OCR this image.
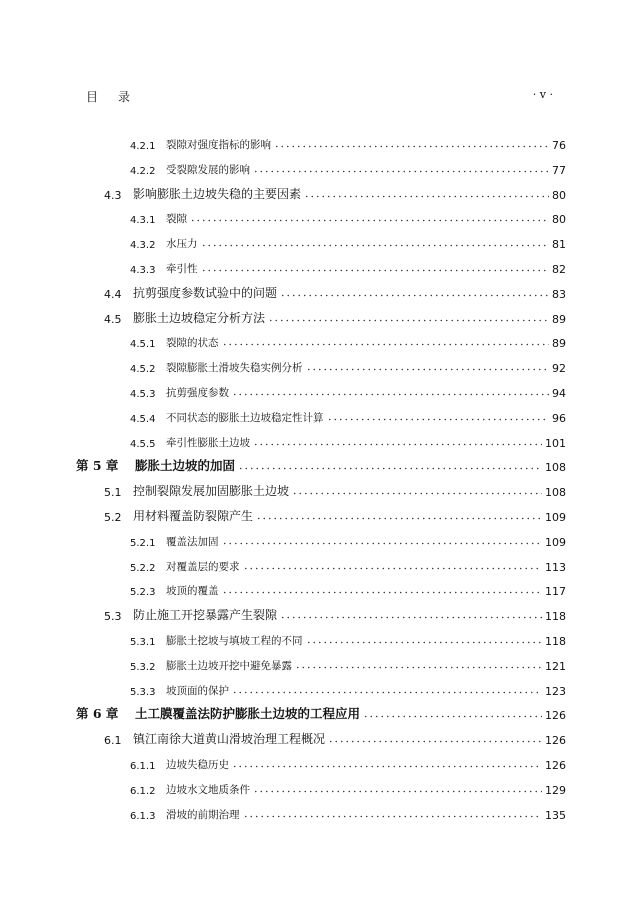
目 录	· v ·
4.2.1 裂隙对强度指标的影响	76
4.2.2 受裂隙发展的影响	77
4.3 影响膨胀土边坡失稳的主要因素	80
4.3.1 裂隙	80
4.3.2 水压力	81
4.3.3 牵引性	82
4.4 抗剪强度参数试验中的问题	83
4.5 膨胀土边坡稳定分析方法	89
4.5.1 裂隙的状态	89
4.5.2 裂隙膨胀土滑坡失稳实例分析	92
4.5.3 抗剪强度参数	94
4.5.4 不同状态的膨胀土边坡稳定性计算	96
4.5.5 牵引性膨胀土边坡	101
第 5 章 膨胀土边坡的加固	108
5.1 控制裂隙发展加固膨胀土边坡	108
5.2 用材料覆盖防裂隙产生	109
5.2.1 覆盖法加固	109
5.2.2 对覆盖层的要求	113
5.2.3 坡顶的覆盖	117
5.3 防止施工开挖暴露产生裂隙	118
5.3.1 膨胀土挖坡与填坡工程的不同	118
5.3.2 膨胀土边坡开挖中避免暴露	121
5.3.3 坡顶面的保护	123
第 6 章 土工膜覆盖法防护膨胀土边坡的工程应用	126
6.1 镇江南徐大道黄山滑坡治理工程概况	126
6.1.1 边坡失稳历史	126
6.1.2 边坡水文地质条件	129
6.1.3 滑坡的前期治理	135
